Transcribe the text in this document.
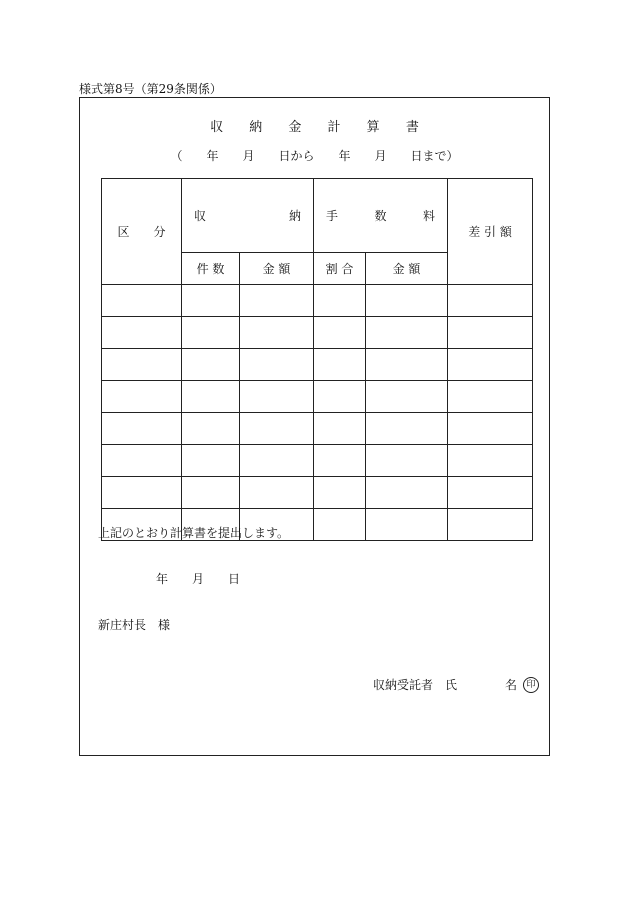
様式第8号（第29条関係）
収 納 金 計 算 書
（　　年　　月　　日から　　年　　月　　日まで）
区　　分	収 納		手 数 料		差 引 額
	件 数	金 額	割 合	金 額	

上記のとおり計算書を提出します。
年　　月　　日
新庄村長　様
収納受託者　氏　　　　名	印
